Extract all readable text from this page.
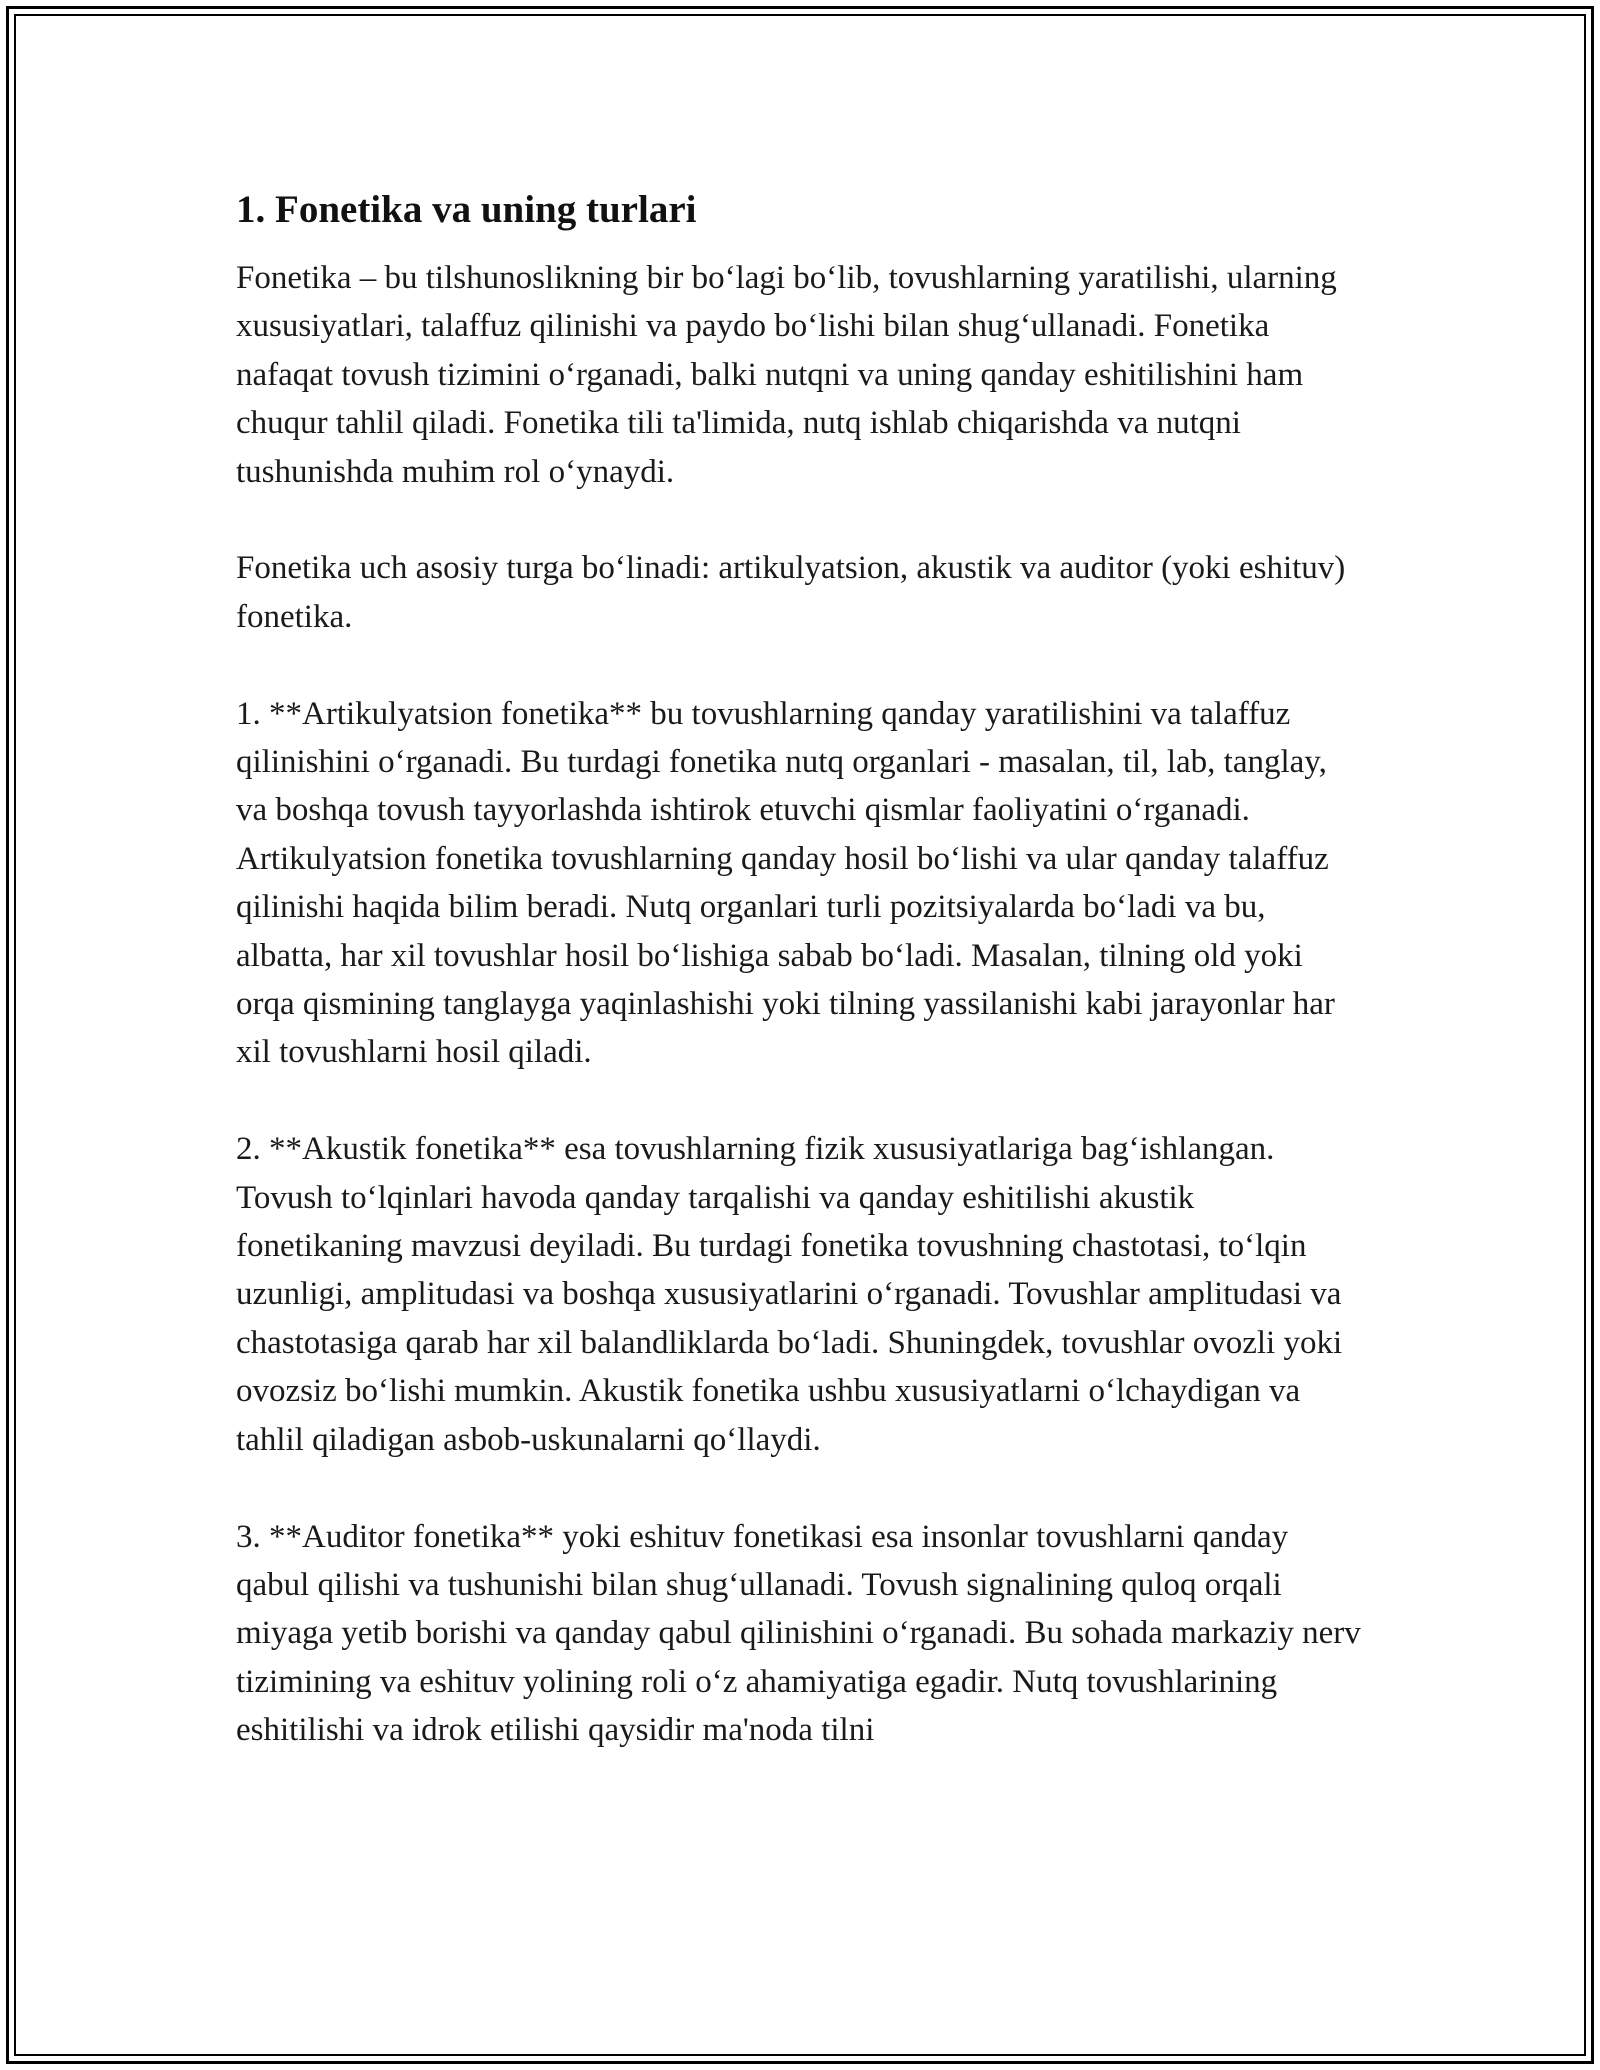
1. Fonetika va uning turlari

Fonetika – bu tilshunoslikning bir bo‘lagi bo‘lib, tovushlarning yaratilishi, ularning xususiyatlari, talaffuz qilinishi va paydo bo‘lishi bilan shug‘ullanadi. Fonetika nafaqat tovush tizimini o‘rganadi, balki nutqni va uning qanday eshitilishini ham chuqur tahlil qiladi. Fonetika tili ta'limida, nutq ishlab chiqarishda va nutqni tushunishda muhim rol o‘ynaydi.

Fonetika uch asosiy turga bo‘linadi: artikulyatsion, akustik va auditor (yoki eshituv) fonetika.

1. **Artikulyatsion fonetika** bu tovushlarning qanday yaratilishini va talaffuz qilinishini o‘rganadi. Bu turdagi fonetika nutq organlari - masalan, til, lab, tanglay, va boshqa tovush tayyorlashda ishtirok etuvchi qismlar faoliyatini o‘rganadi. Artikulyatsion fonetika tovushlarning qanday hosil bo‘lishi va ular qanday talaffuz qilinishi haqida bilim beradi. Nutq organlari turli pozitsiyalarda bo‘ladi va bu, albatta, har xil tovushlar hosil bo‘lishiga sabab bo‘ladi. Masalan, tilning old yoki orqa qismining tanglayga yaqinlashishi yoki tilning yassilanishi kabi jarayonlar har xil tovushlarni hosil qiladi.

2. **Akustik fonetika** esa tovushlarning fizik xususiyatlariga bag‘ishlangan. Tovush to‘lqinlari havoda qanday tarqalishi va qanday eshitilishi akustik fonetikaning mavzusi deyiladi. Bu turdagi fonetika tovushning chastotasi, to‘lqin uzunligi, amplitudasi va boshqa xususiyatlarini o‘rganadi. Tovushlar amplitudasi va chastotasiga qarab har xil balandliklarda bo‘ladi. Shuningdek, tovushlar ovozli yoki ovozsiz bo‘lishi mumkin. Akustik fonetika ushbu xususiyatlarni o‘lchaydigan va tahlil qiladigan asbob-uskunalarni qo‘llaydi.

3. **Auditor fonetika** yoki eshituv fonetikasi esa insonlar tovushlarni qanday qabul qilishi va tushunishi bilan shug‘ullanadi. Tovush signalining quloq orqali miyaga yetib borishi va qanday qabul qilinishini o‘rganadi. Bu sohada markaziy nerv tizimining va eshituv yolining roli o‘z ahamiyatiga egadir. Nutq tovushlarining eshitilishi va idrok etilishi qaysidir ma'noda tilni
